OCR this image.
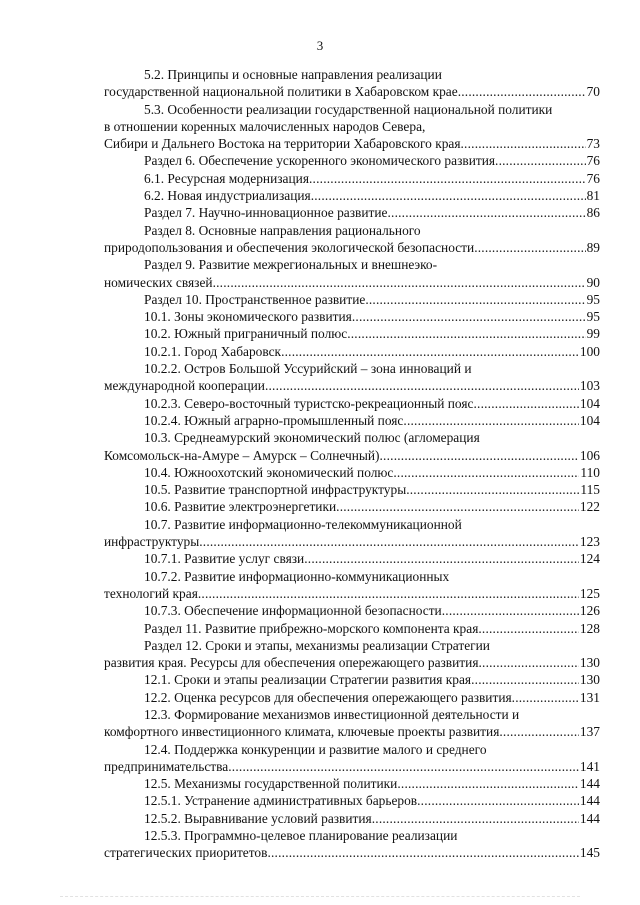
3
5.2. Принципы и основные направления реализации
государственной национальной политики в Хабаровском крае .....	70
5.3. Особенности реализации государственной национальной политики
в отношении коренных малочисленных народов Севера,
Сибири и Дальнего Востока на территории Хабаровского края .....	73
Раздел 6. Обеспечение ускоренного экономического развития .....	76
6.1. Ресурсная модернизация .....	76
6.2. Новая индустриализация .....	81
Раздел 7. Научно-инновационное развитие .....	86
Раздел 8. Основные направления рационального
природопользования и обеспечения экологической безопасности .....	89
Раздел 9. Развитие межрегиональных и внешнеэко-
номических связей .....	90
Раздел 10. Пространственное развитие .....	95
10.1. Зоны экономического развития .....	95
10.2. Южный приграничный полюс .....	99
10.2.1. Город Хабаровск .....	100
10.2.2. Остров Большой Уссурийский – зона инноваций и
международной кооперации .....	103
10.2.3. Северо-восточный туристско-рекреационный пояс .....	104
10.2.4. Южный аграрно-промышленный пояс .....	104
10.3. Среднеамурский экономический полюс (агломерация
Комсомольск-на-Амуре – Амурск – Солнечный) .....	106
10.4. Южноохотский экономический полюс .....	110
10.5. Развитие транспортной инфраструктуры .....	115
10.6. Развитие электроэнергетики .....	122
10.7. Развитие информационно-телекоммуникационной
инфраструктуры .....	123
10.7.1. Развитие услуг связи .....	124
10.7.2. Развитие информационно-коммуникационных
технологий края .....	125
10.7.3. Обеспечение информационной безопасности .....	126
Раздел 11. Развитие прибрежно-морского компонента края .....	128
Раздел 12. Сроки и этапы, механизмы реализации Стратегии
развития края. Ресурсы для обеспечения опережающего развития .....	130
12.1. Сроки и этапы реализации Стратегии развития края .....	130
12.2. Оценка ресурсов для обеспечения опережающего развития .....	131
12.3. Формирование механизмов инвестиционной деятельности и
комфортного инвестиционного климата, ключевые проекты развития .....	137
12.4. Поддержка конкуренции и развитие малого и среднего
предпринимательства .....	141
12.5. Механизмы государственной политики .....	144
12.5.1. Устранение административных барьеров .....	144
12.5.2. Выравнивание условий развития .....	144
12.5.3. Программно-целевое планирование реализации
стратегических приоритетов .....	145
